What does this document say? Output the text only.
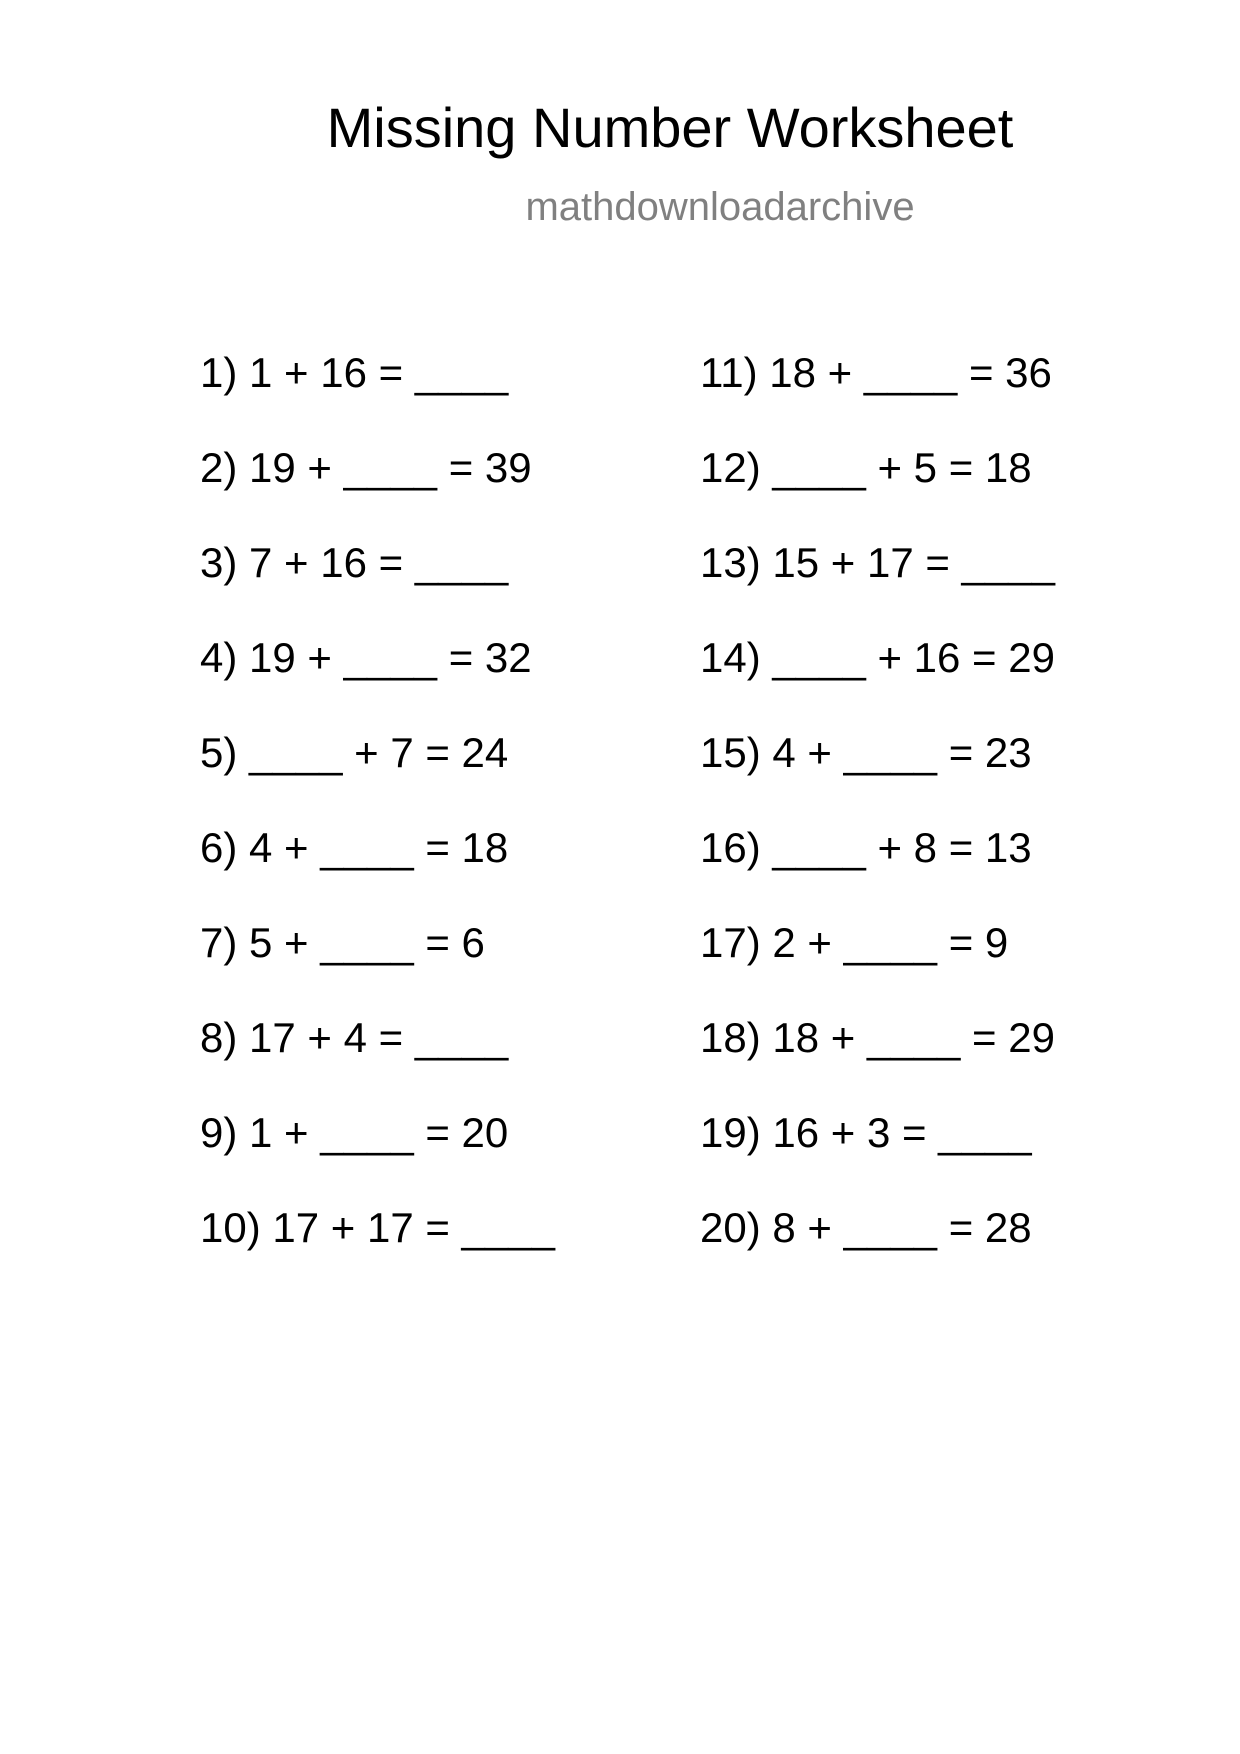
Missing Number Worksheet
mathdownloadarchive
1) 1 + 16 = ____
2) 19 + ____ = 39
3) 7 + 16 = ____
4) 19 + ____ = 32
5) ____ + 7 = 24
6) 4 + ____ = 18
7) 5 + ____ = 6
8) 17 + 4 = ____
9) 1 + ____ = 20
10) 17 + 17 = ____
11) 18 + ____ = 36
12) ____ + 5 = 18
13) 15 + 17 = ____
14) ____ + 16 = 29
15) 4 + ____ = 23
16) ____ + 8 = 13
17) 2 + ____ = 9
18) 18 + ____ = 29
19) 16 + 3 = ____
20) 8 + ____ = 28
